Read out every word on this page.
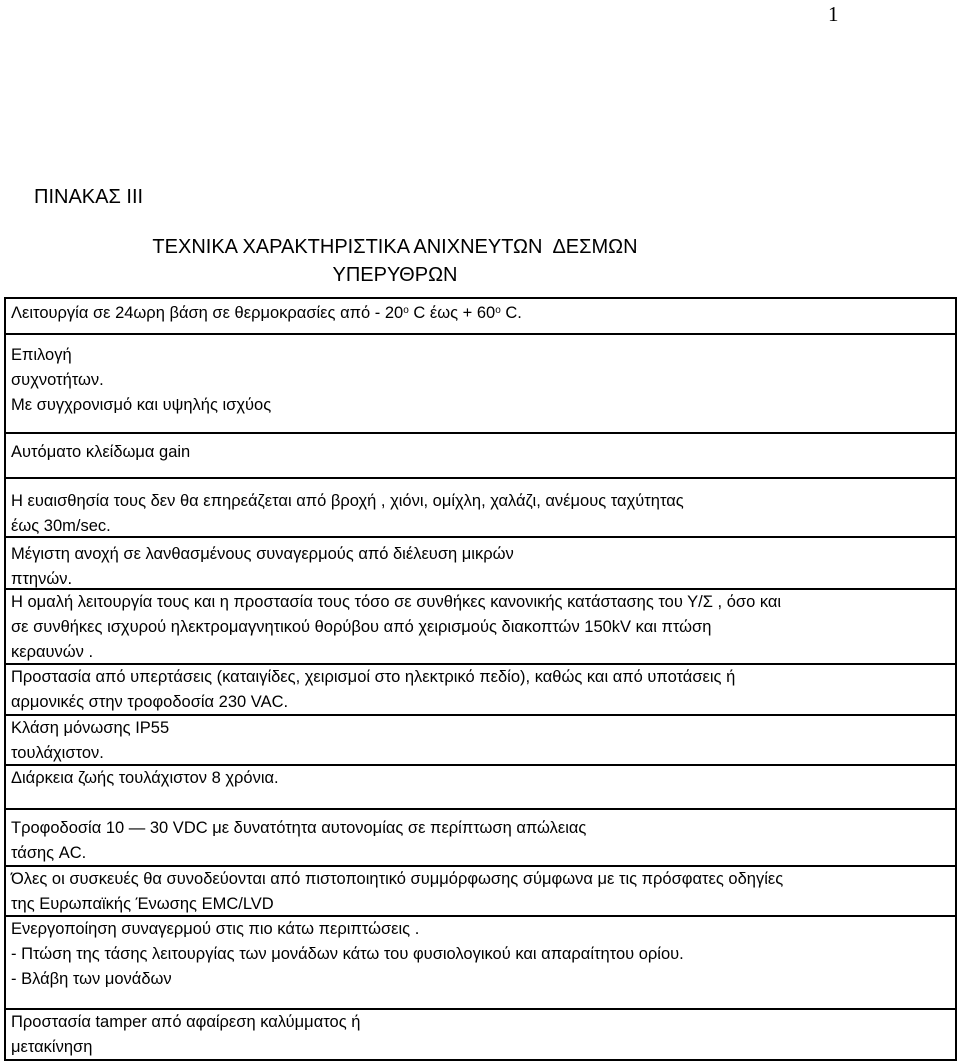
1
ΠΙΝΑΚΑΣ ΙΙΙ
ΤΕΧΝΙΚΑ ΧΑΡΑΚΤΗΡΙΣΤΙΚΑ ΑΝΙΧΝΕΥΤΩΝ  ΔΕΣΜΩΝ
ΥΠΕΡΥΘΡΩΝ
Λειτουργία σε 24ωρη βάση σε θερμοκρασίες από - $20^o$ C $έ\omega\varsigma + 60^o$ C.
Επιλογή
συχνοτήτων.
Με συγχρονισμό και υψηλής ισχύος
Αυτόματο κλείδωμα gain
Η ευαισθησία τους δεν θα επηρεάζεται από βροχή , χιόνι, ομίχλη, χαλάζι, ανέμους ταχύτητας
έως 30m/sec.
Μέγιστη ανοχή σε λανθασμένους συναγερμούς από διέλευση μικρών
πτηνών.
Η ομαλή λειτουργία τους και η προστασία τους τόσο σε συνθήκες κανονικής κατάστασης του Υ/Σ , όσο και
σε συνθήκες ισχυρού ηλεκτρομαγνητικού θορύβου από χειρισμούς διακοπτών 150kV και πτώση
κεραυνών .
Προστασία από υπερτάσεις (καταιγίδες, χειρισμοί στο ηλεκτρικό πεδίο), καθώς και από υποτάσεις ή
αρμονικές στην τροφοδοσία 230 VAC.
Κλάση μόνωσης IP55
τουλάχιστον.
Διάρκεια ζωής τουλάχιστον 8 χρόνια.
Τροφοδοσία 10 — 30 VDC με δυνατότητα αυτονομίας σε περίπτωση απώλειας
τάσης AC.
Όλες οι συσκευές θα συνοδεύονται από πιστοποιητικό συμμόρφωσης σύμφωνα με τις πρόσφατες οδηγίες
της Ευρωπαϊκής Ένωσης EMC/LVD
Ενεργοποίηση συναγερμού στις πιο κάτω περιπτώσεις .
- Πτώση της τάσης λειτουργίας των μονάδων κάτω του φυσιολογικού και απαραίτητου ορίου.
- Βλάβη των μονάδων
Προστασία tamper από αφαίρεση καλύμματος ή
μετακίνηση
